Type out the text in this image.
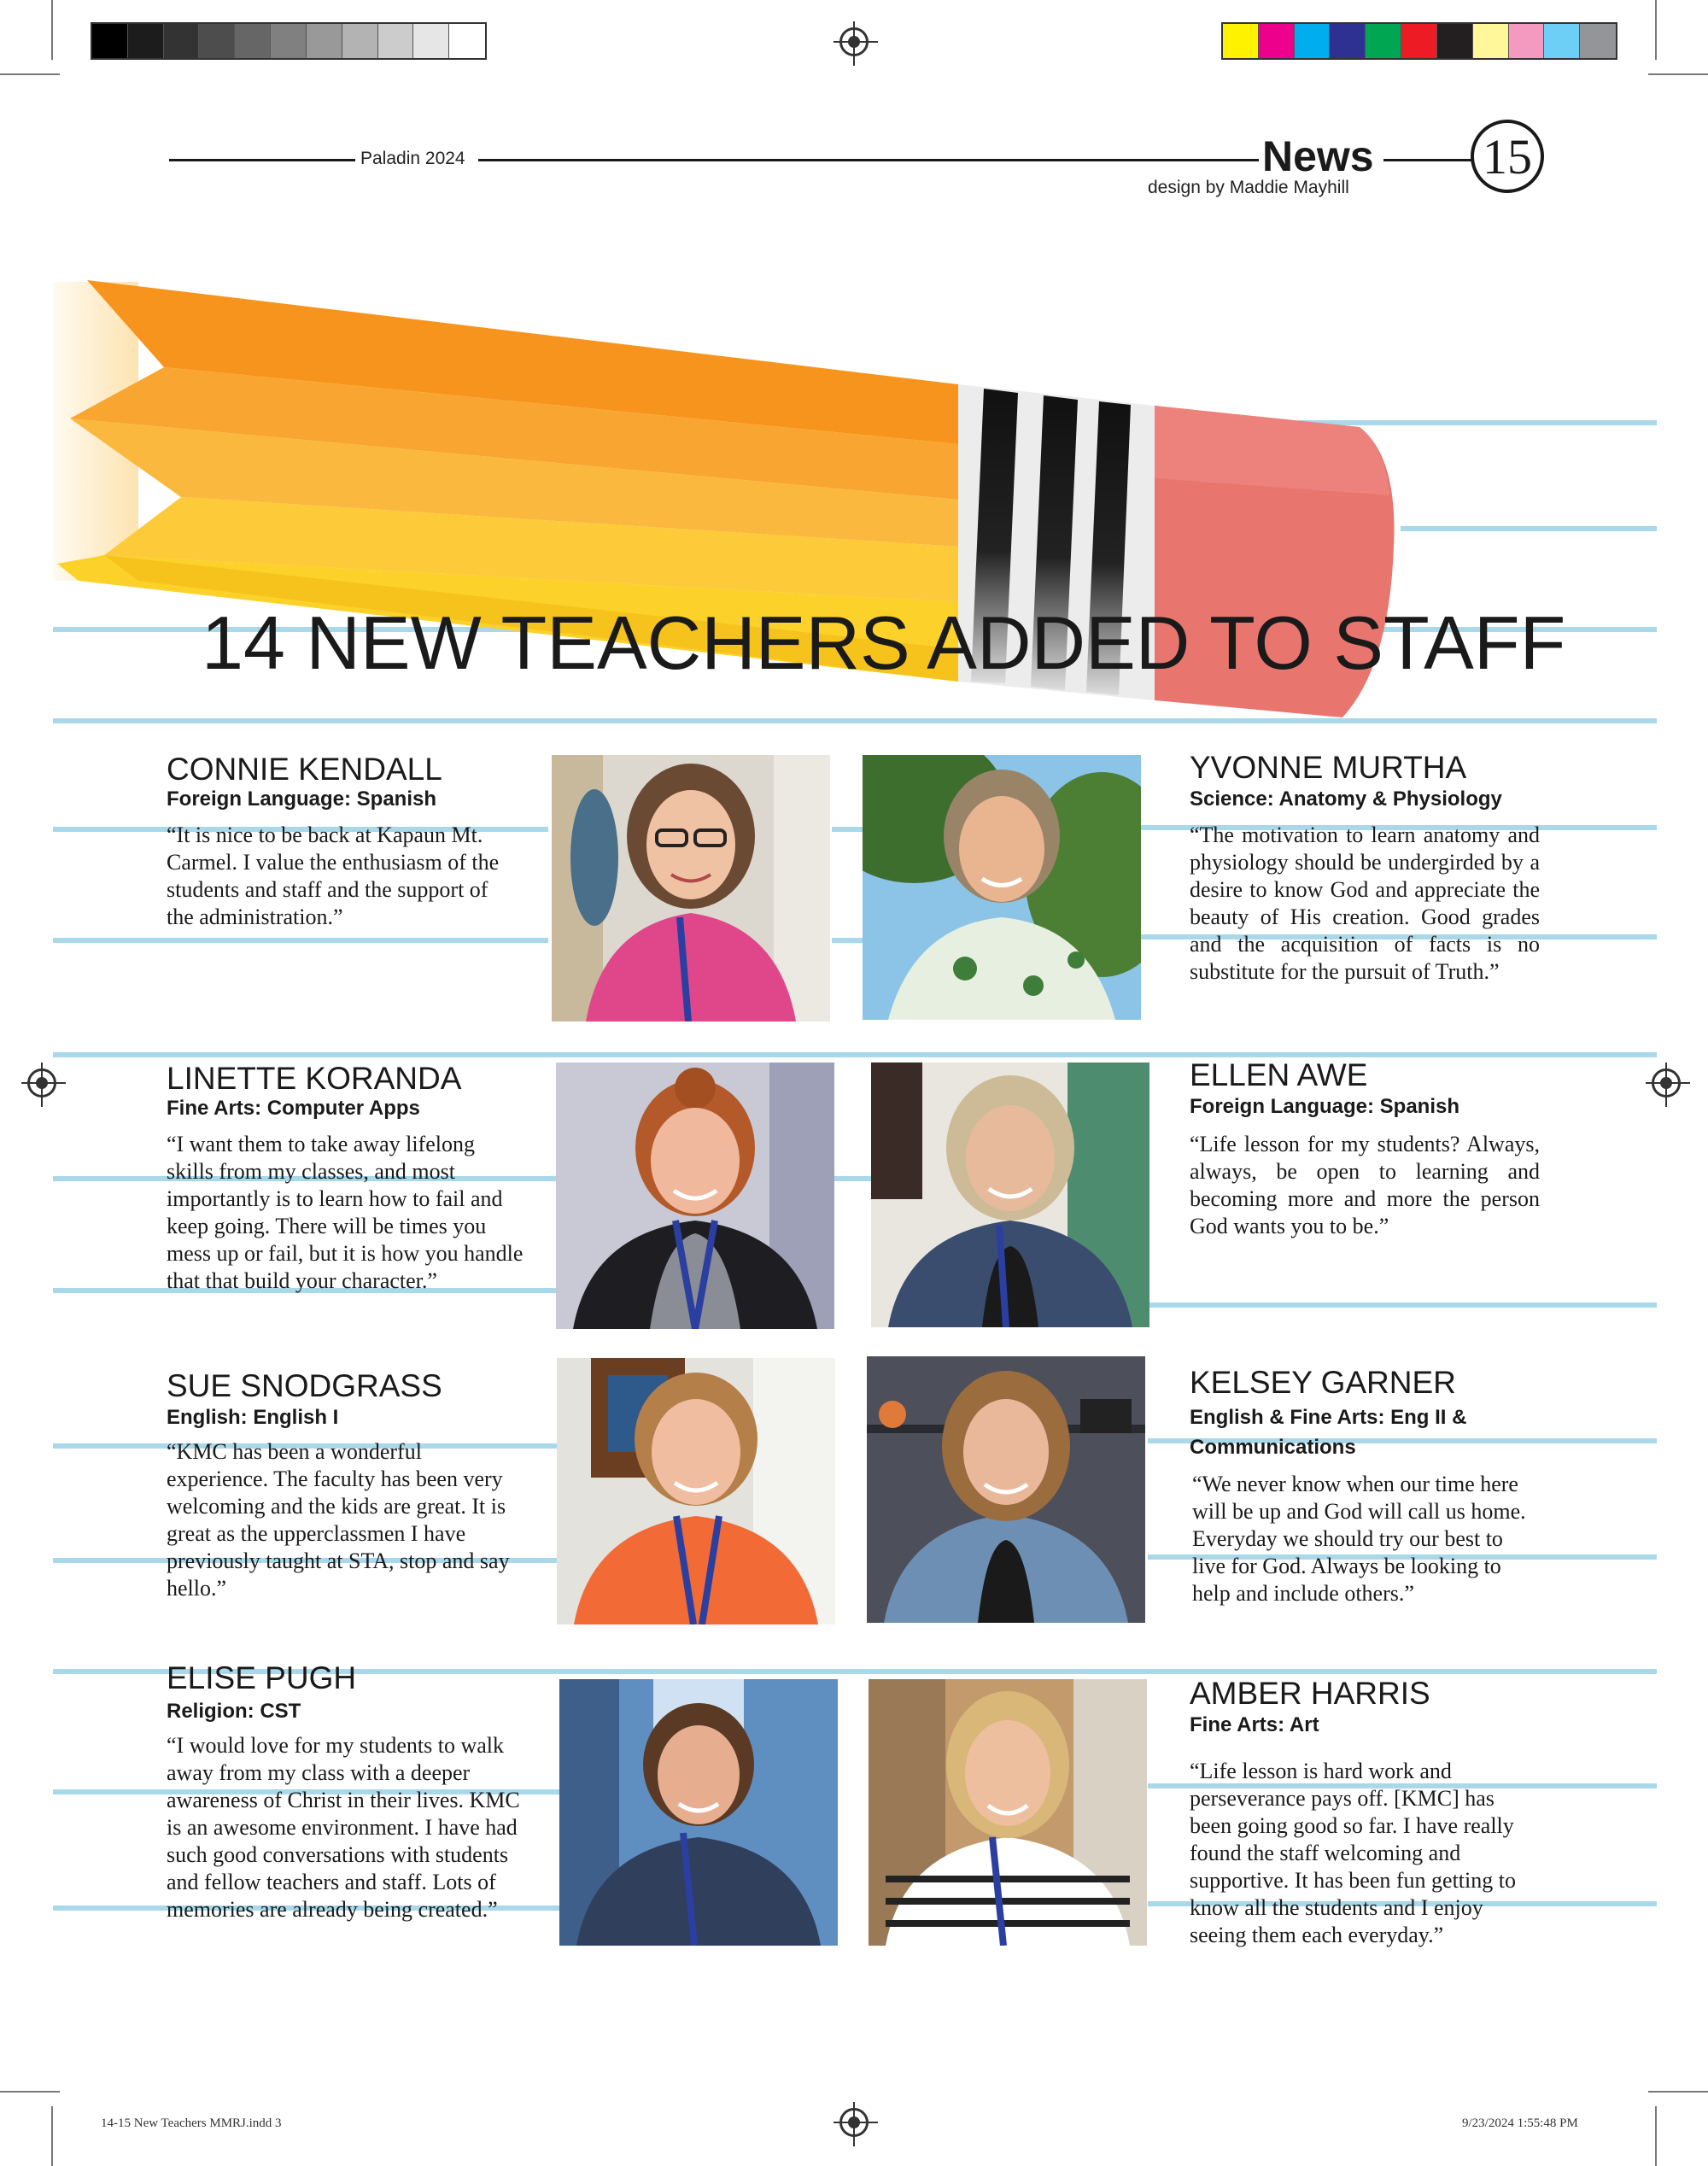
Paladin 2024	News
design by Maddie Mayhill
15
14 NEW TEACHERS ADDED TO STAFF
CONNIE KENDALL
Foreign Language: Spanish
“It is nice to be back at Kapaun Mt. Carmel. I value the enthusiasm of the students and staff and the support of the administration.”
YVONNE MURTHA
Science: Anatomy & Physiology
“The motivation to learn anatomy and physiology should be undergirded by a desire to know God and appreciate the beauty of His creation. Good grades and the acquisition of facts is no substitute for the pursuit of Truth.”
LINETTE KORANDA
Fine Arts: Computer Apps
“I want them to take away lifelong skills from my classes, and most importantly is to learn how to fail and keep going. There will be times you mess up or fail, but it is how you handle that that build your character.”
ELLEN AWE
Foreign Language: Spanish
“Life lesson for my students? Always, always, be open to learning and becoming more and more the person God wants you to be.”
SUE SNODGRASS
English: English I
“KMC has been a wonderful experience. The faculty has been very welcoming and the kids are great. It is great as the upperclassmen I have previously taught at STA, stop and say hello.”
KELSEY GARNER
English & Fine Arts: Eng II & Communications
“We never know when our time here will be up and God will call us home. Everyday we should try our best to live for God. Always be looking to help and include others.”
ELISE PUGH
Religion: CST
“I would love for my students to walk away from my class with a deeper awareness of Christ in their lives. KMC is an awesome environment. I have had such good conversations with students and fellow teachers and staff. Lots of memories are already being created.”
AMBER HARRIS
Fine Arts: Art
“Life lesson is hard work and perseverance pays off. [KMC] has been going good so far. I have really found the staff welcoming and supportive. It has been fun getting to know all the students and I enjoy seeing them each everyday.”
14-15 New Teachers MMRJ.indd 3	9/23/2024 1:55:48 PM
